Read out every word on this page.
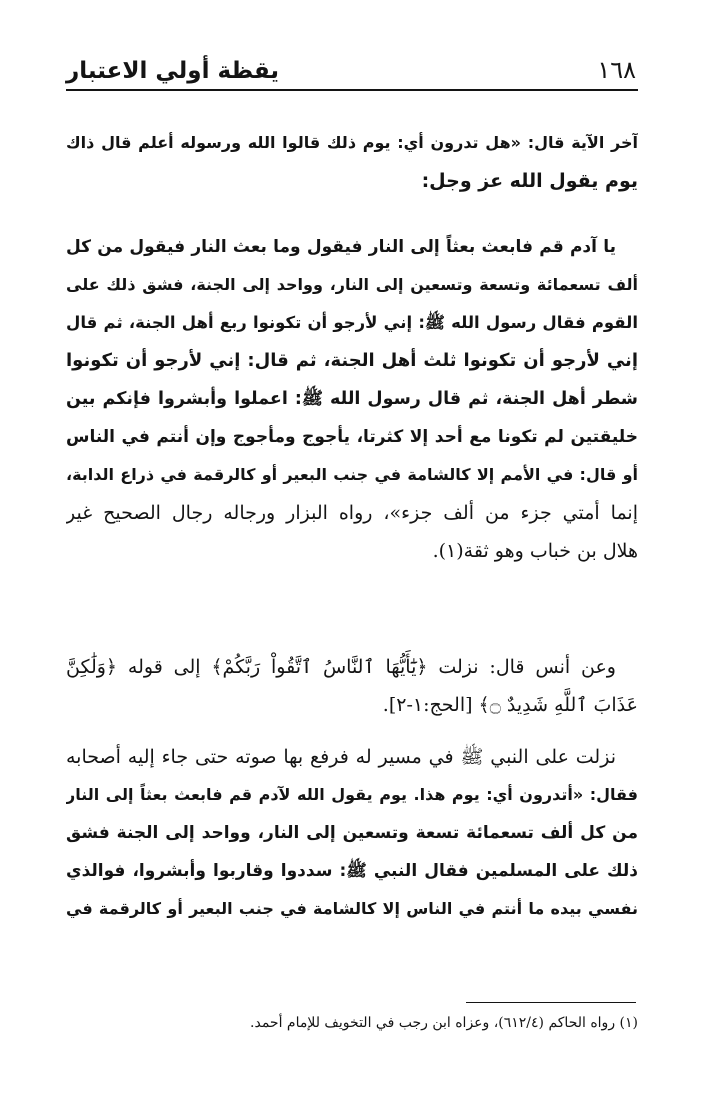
يقظة أولي الاعتبار	١٦٨
آخر الآية قال: «هل تدرون أي: يوم ذلك قالوا الله ورسوله أعلم قال ذاك
يوم يقول الله عز وجل:
يا آدم قم فابعث بعثاً إلى النار فيقول وما بعث النار فيقول من كل
ألف تسعمائة وتسعة وتسعين إلى النار، وواحد إلى الجنة، فشق ذلك على
القوم فقال رسول الله ﷺ: إني لأرجو أن تكونوا ربع أهل الجنة، ثم قال
إني لأرجو أن تكونوا ثلث أهل الجنة، ثم قال: إني لأرجو أن تكونوا
شطر أهل الجنة، ثم قال رسول الله ﷺ: اعملوا وأبشروا فإنكم بين
خليقتين لم تكونا مع أحد إلا كثرتا، يأجوج ومأجوج وإن أنتم في الناس
أو قال: في الأمم إلا كالشامة في جنب البعير أو كالرقمة في ذراع الدابة،
إنما أمتي جزء من ألف جزء»، رواه البزار ورجاله رجال الصحيح غير
هلال بن خباب وهو ثقة(١).
وعن أنس قال: نزلت ﴿يَٰٓأَيُّهَا ٱلنَّاسُ ٱتَّقُواْ رَبَّكُمْ﴾ إلى قوله ﴿وَلَٰكِنَّ
عَذَابَ ٱللَّهِ شَدِيدٌ ۝﴾ [الحج:١-٢].
نزلت على النبي ﷺ في مسير له فرفع بها صوته حتى جاء إليه أصحابه
فقال: «أتدرون أي: يوم هذا. يوم يقول الله لآدم قم فابعث بعثاً إلى النار
من كل ألف تسعمائة تسعة وتسعين إلى النار، وواحد إلى الجنة فشق
ذلك على المسلمين فقال النبي ﷺ: سددوا وقاربوا وأبشروا، فوالذي
نفسي بيده ما أنتم في الناس إلا كالشامة في جنب البعير أو كالرقمة في
(١) رواه الحاكم (٦١٢/٤)، وعزاه ابن رجب في التخويف للإمام أحمد.
